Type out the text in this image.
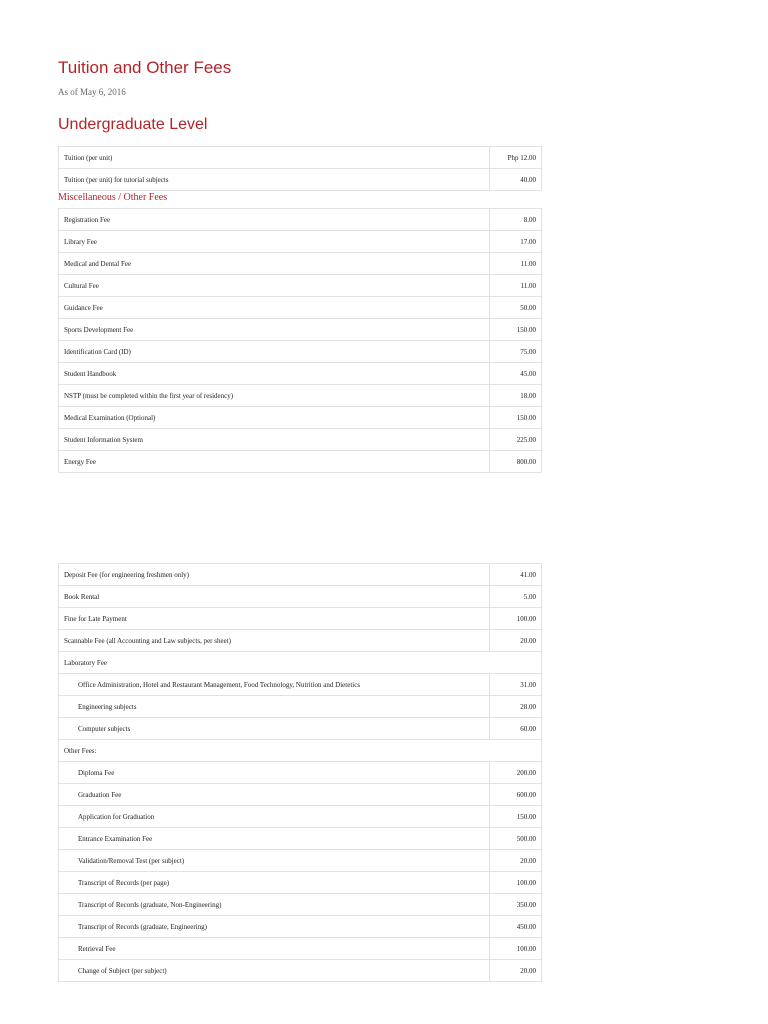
Tuition and Other Fees
As of May 6, 2016
Undergraduate Level
Tuition (per unit)	Php 12.00
Tuition (per unit) for tutorial subjects	40.00
Miscellaneous / Other Fees
Registration Fee	8.00
Library Fee	17.00
Medical and Dental Fee	11.00
Cultural Fee	11.00
Guidance Fee	50.00
Sports Development Fee	150.00
Identification Card (ID)	75.00
Student Handbook	45.00
NSTP (must be completed within the first year of residency)	18.00
Medical Examination (Optional)	150.00
Student Information System	225.00
Energy Fee	800.00
Deposit Fee (for engineering freshmen only)	41.00
Book Rental	5.00
Fine for Late Payment	100.00
Scannable Fee (all Accounting and Law subjects, per sheet)	20.00
Laboratory Fee	
Office Administration, Hotel and Restaurant Management, Food Technology, Nutrition and Dietetics	31.00
Engineering subjects	28.00
Computer subjects	60.00
Other Fees:	
Diploma Fee	200.00
Graduation Fee	600.00
Application for Graduation	150.00
Entrance Examination Fee	500.00
Validation/Removal Test (per subject)	20.00
Transcript of Records (per page)	100.00
Transcript of Records (graduate, Non-Engineering)	350.00
Transcript of Records (graduate, Engineering)	450.00
Retrieval Fee	100.00
Change of Subject (per subject)	20.00
